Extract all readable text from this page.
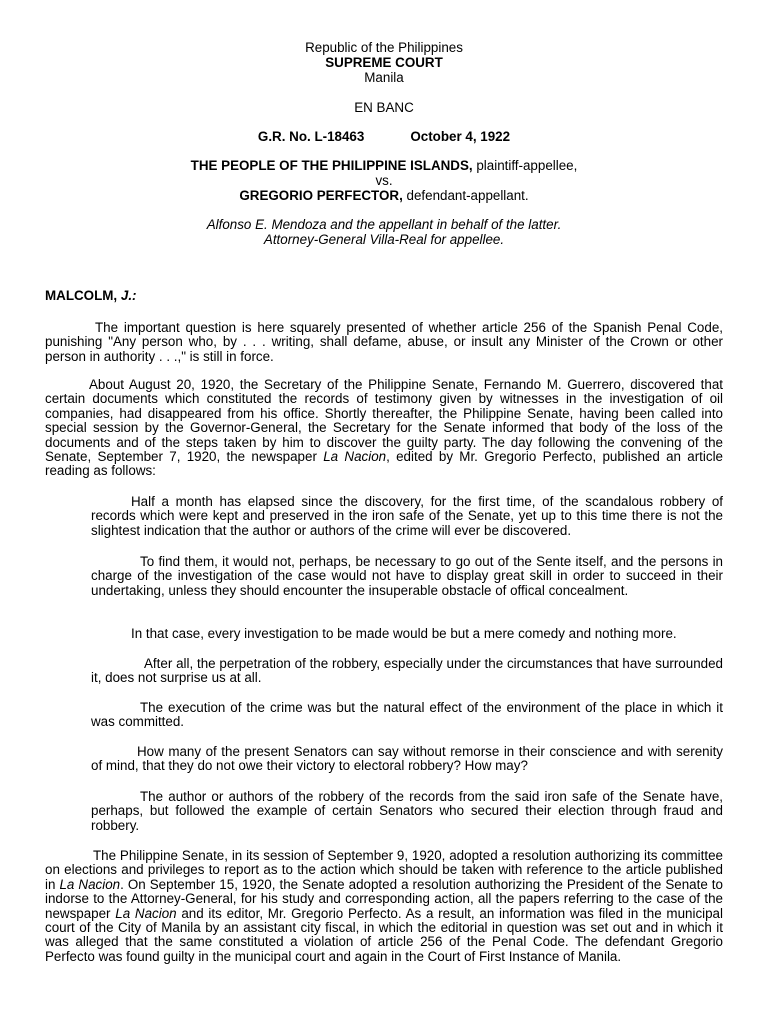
Republic of the Philippines
SUPREME COURT
Manila
EN BANC
G.R. No. L-18463	October 4, 1922
THE PEOPLE OF THE PHILIPPINE ISLANDS, plaintiff-appellee,
vs.
GREGORIO PERFECTOR, defendant-appellant.
Alfonso E. Mendoza and the appellant in behalf of the latter.
Attorney-General Villa-Real for appellee.
MALCOLM, J.:
The important question is here squarely presented of whether article 256 of the Spanish Penal Code, punishing "Any person who, by . . . writing, shall defame, abuse, or insult any Minister of the Crown or other person in authority . . .," is still in force.
About August 20, 1920, the Secretary of the Philippine Senate, Fernando M. Guerrero, discovered that certain documents which constituted the records of testimony given by witnesses in the investigation of oil companies, had disappeared from his office. Shortly thereafter, the Philippine Senate, having been called into special session by the Governor-General, the Secretary for the Senate informed that body of the loss of the documents and of the steps taken by him to discover the guilty party. The day following the convening of the Senate, September 7, 1920, the newspaper La Nacion, edited by Mr. Gregorio Perfecto, published an article reading as follows:
Half a month has elapsed since the discovery, for the first time, of the scandalous robbery of records which were kept and preserved in the iron safe of the Senate, yet up to this time there is not the slightest indication that the author or authors of the crime will ever be discovered.
To find them, it would not, perhaps, be necessary to go out of the Sente itself, and the persons in charge of the investigation of the case would not have to display great skill in order to succeed in their undertaking, unless they should encounter the insuperable obstacle of offical concealment.
In that case, every investigation to be made would be but a mere comedy and nothing more.
After all, the perpetration of the robbery, especially under the circumstances that have surrounded it, does not surprise us at all.
The execution of the crime was but the natural effect of the environment of the place in which it was committed.
How many of the present Senators can say without remorse in their conscience and with serenity of mind, that they do not owe their victory to electoral robbery? How may?
The author or authors of the robbery of the records from the said iron safe of the Senate have, perhaps, but followed the example of certain Senators who secured their election through fraud and robbery.
The Philippine Senate, in its session of September 9, 1920, adopted a resolution authorizing its committee on elections and privileges to report as to the action which should be taken with reference to the article published in La Nacion. On September 15, 1920, the Senate adopted a resolution authorizing the President of the Senate to indorse to the Attorney-General, for his study and corresponding action, all the papers referring to the case of the newspaper La Nacion and its editor, Mr. Gregorio Perfecto. As a result, an information was filed in the municipal court of the City of Manila by an assistant city fiscal, in which the editorial in question was set out and in which it was alleged that the same constituted a violation of article 256 of the Penal Code. The defendant Gregorio Perfecto was found guilty in the municipal court and again in the Court of First Instance of Manila.
